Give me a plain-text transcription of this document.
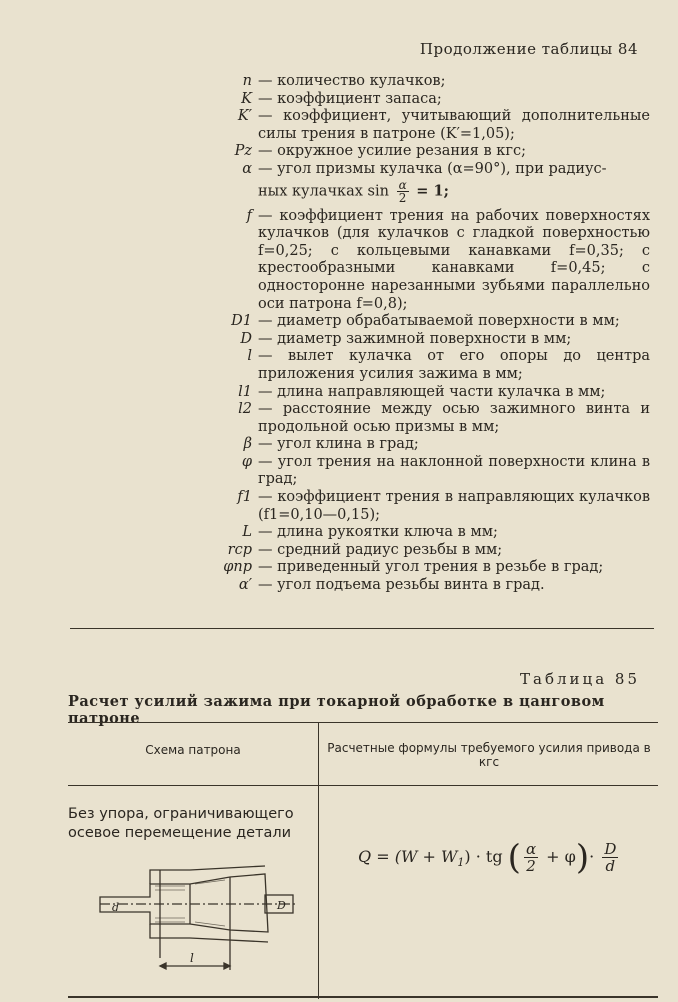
Продолжение таблицы 84
n — количество кулачков;
K — коэффициент запаса;
K′ — коэффициент, учитывающий дополнительные силы трения в патроне (K′=1,05);
Pz — окружное усилие резания в кгс;
α — угол призмы кулачка (α=90°), при радиус-
ных кулачках $\sin \frac{\alpha}{2} = 1$;
f — коэффициент трения на рабочих поверхностях кулачков (для кулачков с гладкой поверхностью f=0,25; с кольцевыми канавками f=0,35; с крестообразными канавками f=0,45; с односторонне нарезанными зубьями параллельно оси патрона f=0,8);
D1 — диаметр обрабатываемой поверхности в мм;
D — диаметр зажимной поверхности в мм;
l — вылет кулачка от его опоры до центра приложения усилия зажима в мм;
l1 — длина направляющей части кулачка в мм;
l2 — расстояние между осью зажимного винта и продольной осью призмы в мм;
β — угол клина в град;
φ — угол трения на наклонной поверхности клина в град;
f1 — коэффициент трения в направляющих кулачков (f1=0,10—0,15);
L — длина рукоятки ключа в мм;
rср — средний радиус резьбы в мм;
φпр — приведенный угол трения в резьбе в град;
α′ — угол подъема резьбы винта в град.
Таблица 85
Расчет усилий зажима при токарной обработке в цанговом патроне
Схема патрона	Расчетные формулы требуемого усилия привода в кгс
Без упора, ограничивающего осевое перемещение детали
$Q = (W + W_1)$ · tg ( $\frac{\alpha}{2} + \varphi)\cdot \frac{D}{d}$
d	D
l
